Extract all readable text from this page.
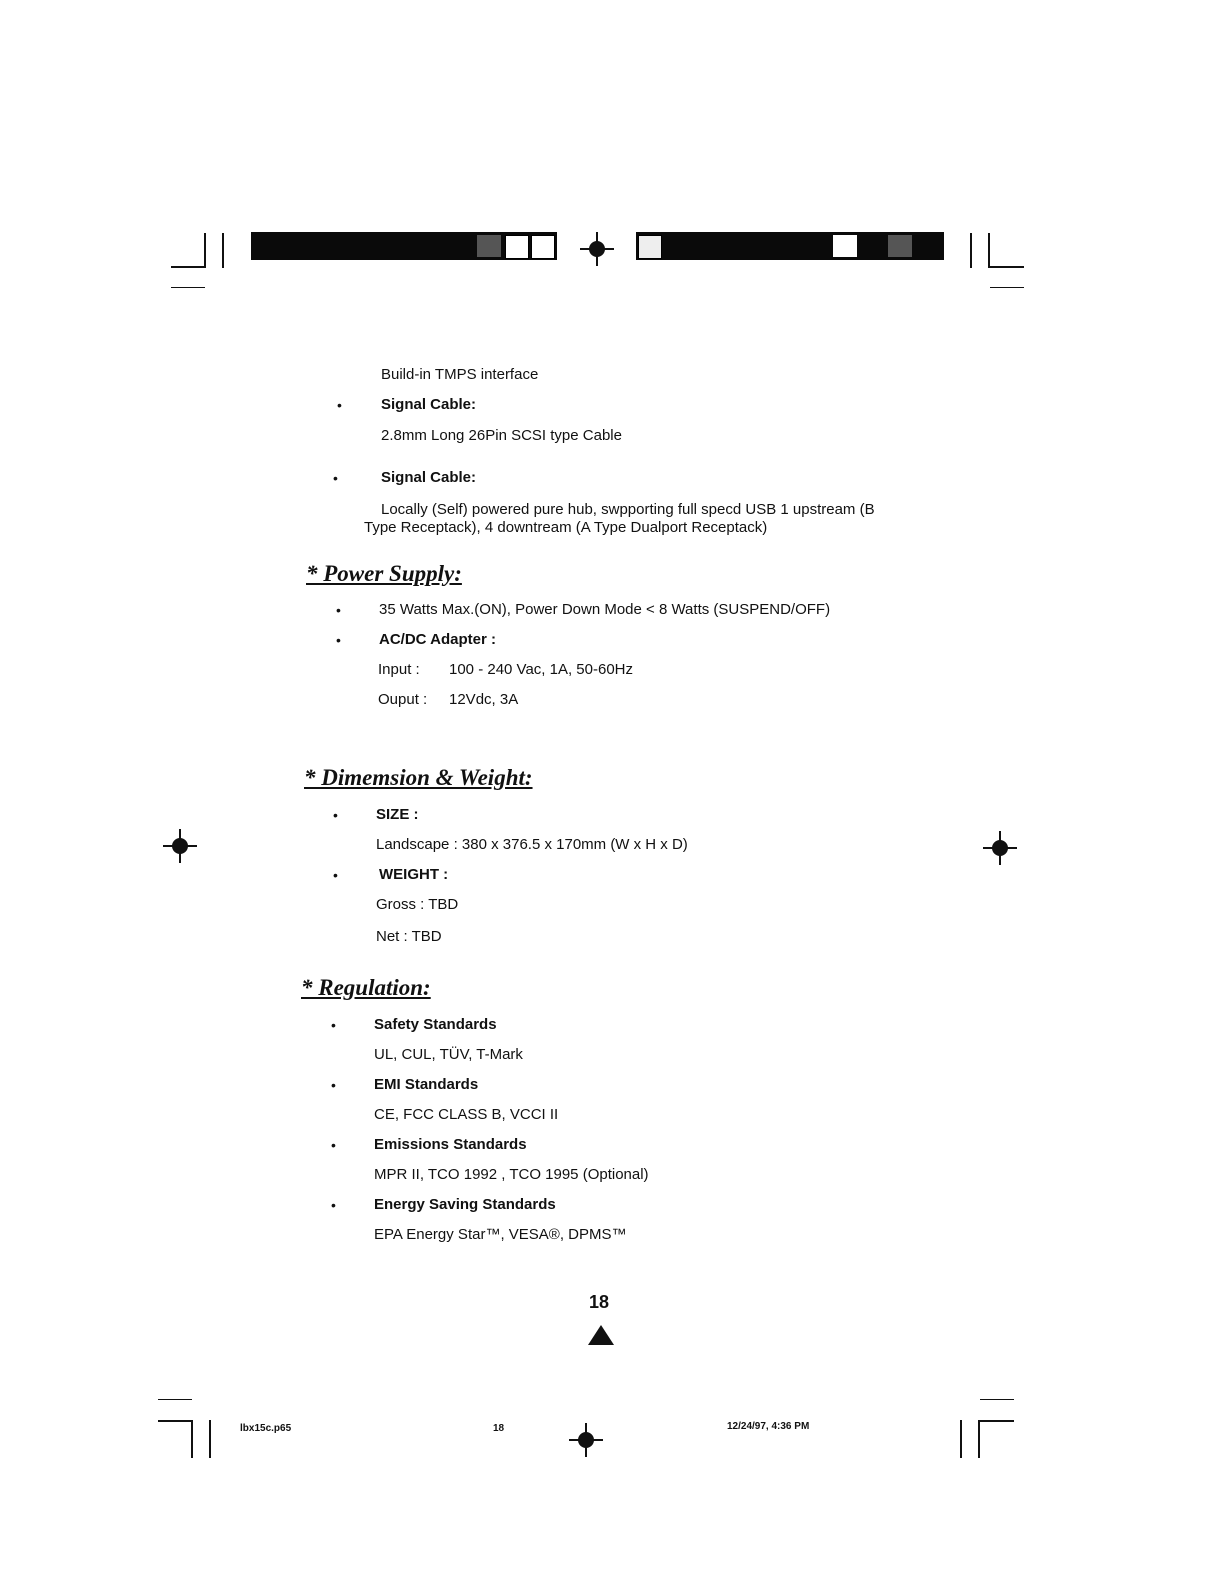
Build-in TMPS interface
•	Signal Cable:
2.8mm Long 26Pin SCSI type Cable
•	Signal Cable:
Locally (Self) powered pure hub, swpporting full specd USB 1 upstream (B
Type Receptack), 4 downtream (A Type Dualport Receptack)
* Power Supply:
•	35 Watts Max.(ON), Power Down Mode < 8 Watts (SUSPEND/OFF)
•	AC/DC Adapter :
Input : 100 - 240 Vac, 1A, 50-60Hz
Ouput : 12Vdc, 3A
* Dimemsion & Weight:
•	SIZE :
Landscape : 380 x 376.5 x 170mm (W x H x D)
•	WEIGHT :
Gross : TBD
Net : TBD
* Regulation:
•	Safety Standards
UL, CUL, TÜV, T-Mark
•	EMI Standards
CE, FCC CLASS B, VCCI II
•	Emissions Standards
MPR II, TCO 1992 , TCO 1995 (Optional)
•	Energy Saving Standards
EPA Energy Star™, VESA®, DPMS™
18
lbx15c.p65	18	12/24/97, 4:36 PM
